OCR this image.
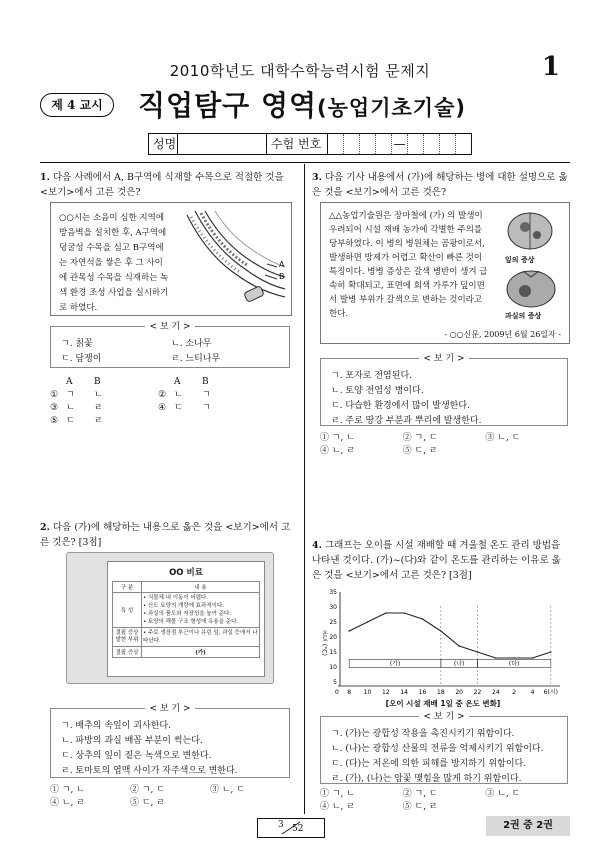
2010학년도 대학수학능력시험 문제지	1
제 4 교시	직업탐구 영역(농업기초기술)
성명	수험 번호	—
1. 다음 사례에서 A, B구역에 식재할 수목으로 적절한 것을 <보기>에서 고른 것은?
○○시는 소음이 심한 지역에 방음벽을 설치한 후, A구역에 덩굴성 수목을 심고 B구역에는 자연석을 쌓은 후 그 사이에 관목성 수목을 식재하는 녹색 환경 조성 사업을 실시하기로 하였다.
A
B
< 보 기 >
ㄱ. 칡꽃	ㄴ. 소나무
ㄷ. 담쟁이	ㄹ. 느티나무
A	B	A	B
① ㄱ	ㄴ	② ㄴ	ㄱ
③ ㄴ	ㄹ	④ ㄷ	ㄱ
⑤ ㄷ	ㄹ
2. 다음 (가)에 해당하는 내용으로 옳은 것을 <보기>에서 고른 것은? [3점]
OO 비료
구 분	내 용
특 성	• 식물체 내 이동이 어렵다.
• 산도 토양의 개량에 효과적이다.
• 과실의 품도와 저장성을 높여 준다.
• 토양의 해물 구조 형성에 유용을 준다.

결핍 증상 발현 부위	• 주로 생장점 부근이나 유린 잎, 과실 등에서 나타난다.
결핍 증상	(가)
< 보 기 >
ㄱ. 배추의 속잎이 괴사한다.
ㄴ. 파방의 과실 배꼽 부분이 썩는다.
ㄷ. 상추의 잎이 짙은 녹색으로 변한다.
ㄹ. 토마토의 엽맥 사이가 자주색으로 변한다.
① ㄱ, ㄴ	② ㄱ, ㄷ	③ ㄴ, ㄷ
④ ㄴ, ㄹ	⑤ ㄷ, ㄹ
3. 다음 기사 내용에서 (가)에 해당하는 병에 대한 설명으로 옳은 것을 <보기>에서 고른 것은?
△△농업기술원은 장마철에 (가) 의 발생이 우려되어 시설 재배 농가에 각별한 주의를 당부하였다. 이 병의 병원체는 곰팡이로서, 발생하면 방제가 어렵고 확산이 빠른 것이 특징이다. 병병 증상은 갈색 병반이 생겨 급속히 확대되고, 표면에 회색 가루가 덮이면서 발병 부위가 갈색으로 변하는 것이라고 한다.
잎의 증상
과실의 증상
- ○○신문, 2009년 6월 26일자 -
< 보 기 >
ㄱ. 포자로 전염된다.
ㄴ. 토양 전염성 병이다.
ㄷ. 다습한 환경에서 많이 발생한다.
ㄹ. 주로 땅강 부분과 뿌리에 발생한다.
① ㄱ, ㄴ	② ㄱ, ㄷ	③ ㄴ, ㄷ
④ ㄴ, ㄹ	⑤ ㄷ, ㄹ
4. 그래프는 오이를 시설 재배할 때 겨울철 온도 관리 방법을 나타낸 것이다. (가)~(다)와 같이 온도를 관리하는 이유로 옳은 것을 <보기>에서 고른 것은? [3점]
35
30
25
20
15
10
5
온도 (°C)
8 10 12 14 16 18 20 22 24 2 4 6(시)
0
(가)	(나)	(다)
[오이 시설 재배 1일 중 온도 변화]
< 보 기 >
ㄱ. (가)는 광합성 작용을 촉진시키기 위함이다.
ㄴ. (나)는 광합성 산물의 전류을 억제시키기 위함이다.
ㄷ. (다)는 저온에 의한 피해를 방지하기 위함이다.
ㄹ. (가), (나)는 암꽃 맺힘을 많게 하기 위함이다.
① ㄱ, ㄴ	② ㄱ, ㄷ	③ ㄴ, ㄷ
④ ㄴ, ㄹ	⑤ ㄷ, ㄹ
3 52	2권 중 2권
